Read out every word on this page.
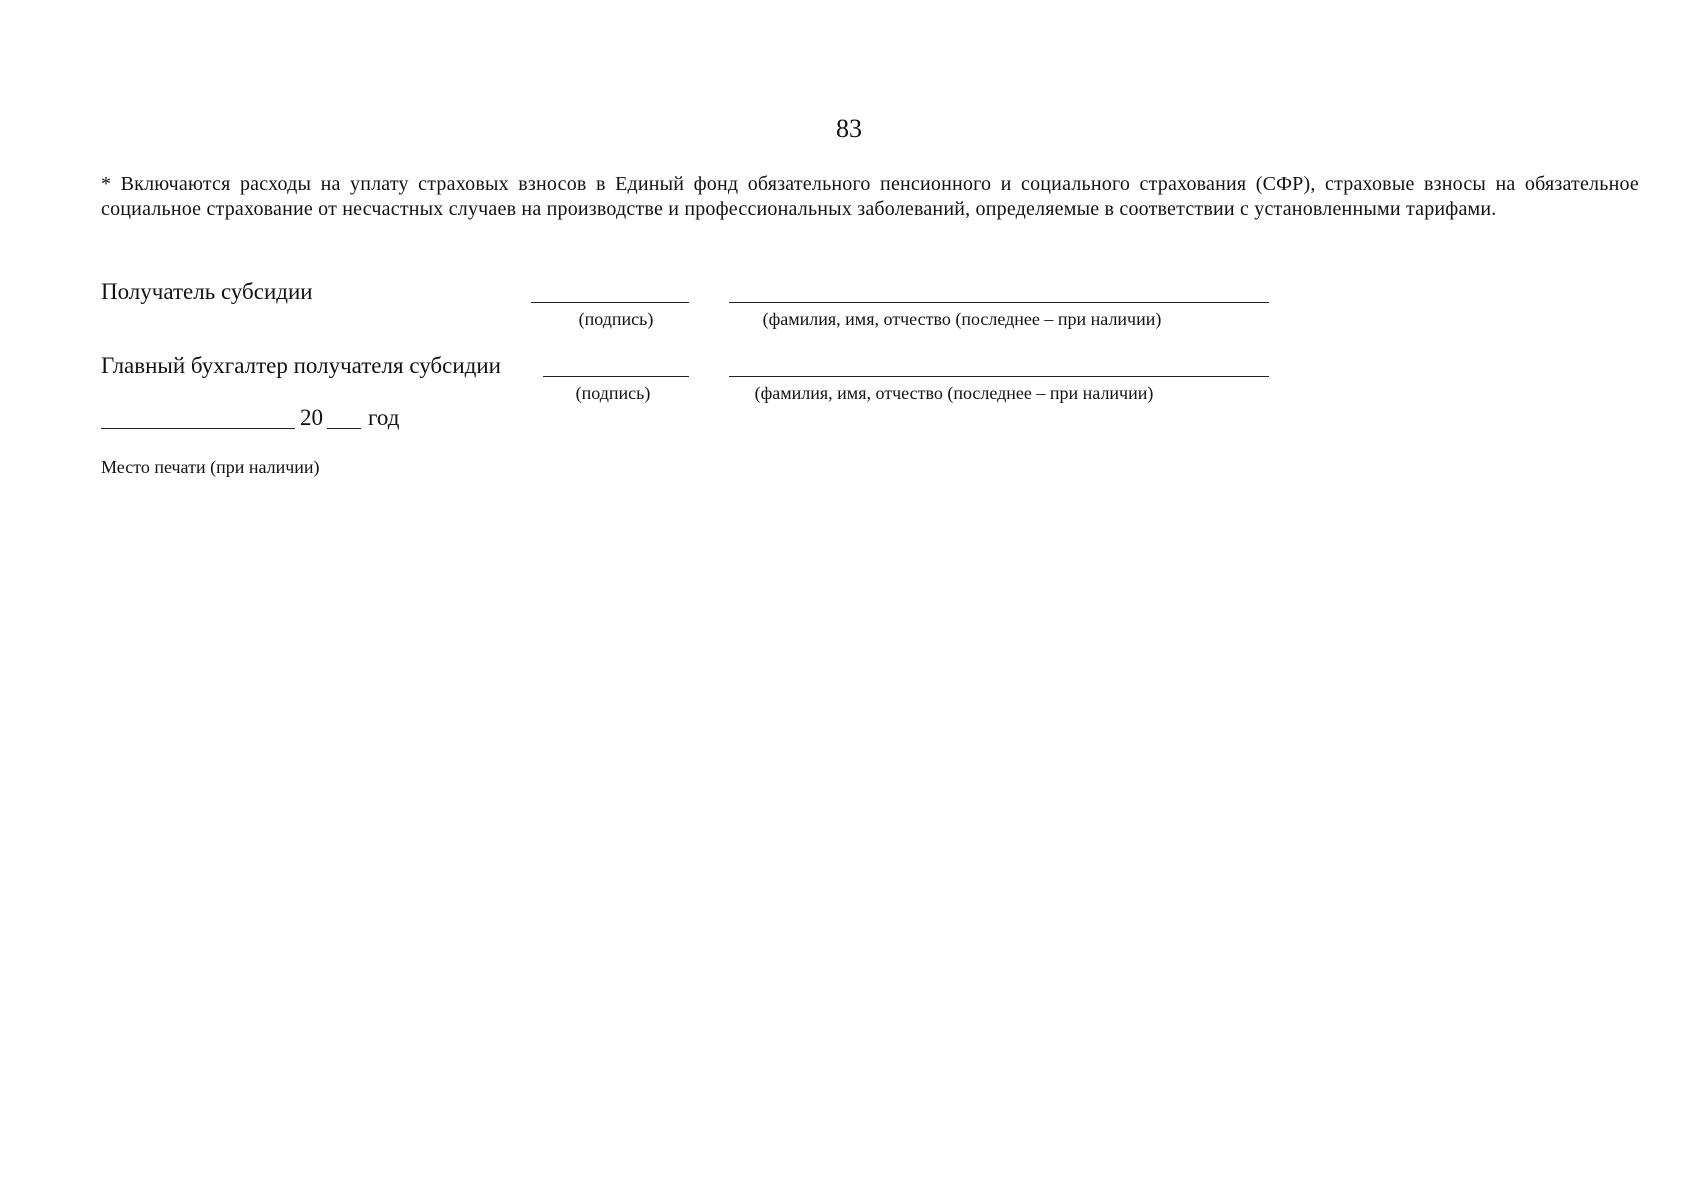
83
* Включаются расходы на уплату страховых взносов в Единый фонд обязательного пенсионного и социального страхования (СФР), страховые взносы на обязательное социальное страхование от несчастных случаев на производстве и профессиональных заболеваний, определяемые в соответствии с установленными тарифами.
Получатель субсидии
(подпись)	(фамилия, имя, отчество (последнее – при наличии)
Главный бухгалтер получателя субсидии
(подпись)	(фамилия, имя, отчество (последнее – при наличии)
20 год
Место печати (при наличии)
